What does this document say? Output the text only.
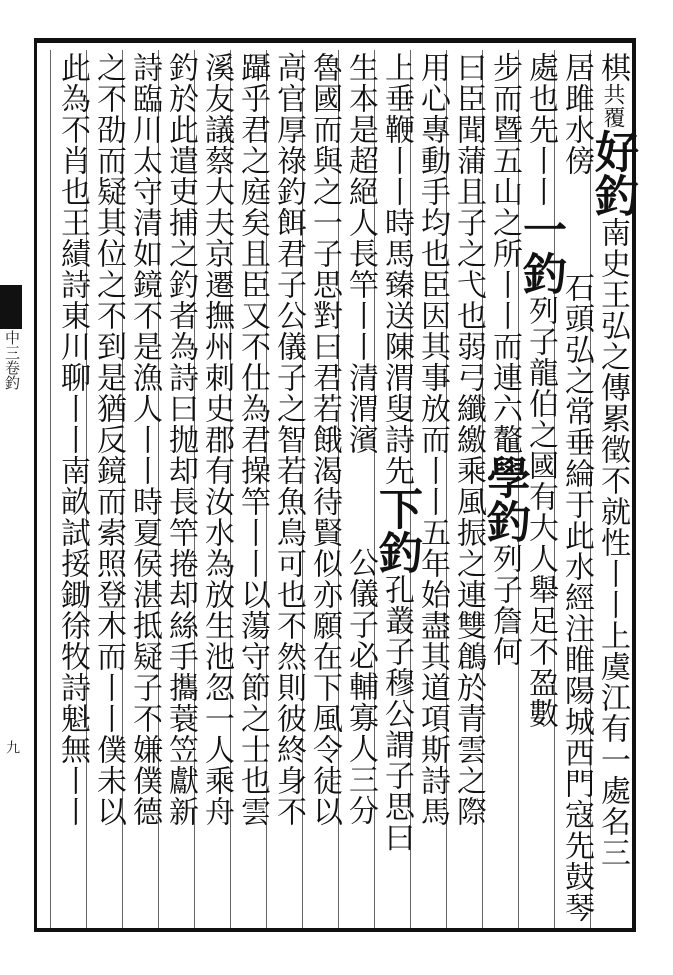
中三卷釣
九
棋共覆好釣南史王弘之傳累徵不就性丨丨上虞江有一處名三
居雎水傍石頭弘之常垂綸于此水經注睢陽城西門寇先鼓琴
處也先丨丨一釣列子龍伯之國有大人舉足不盈數
步而暨五山之所丨丨而連六鼇學釣列子詹何
曰臣聞蒲且子之弋也弱弓纖繳乘風振之連雙鶬於青雲之際
用心專動手均也臣因其事放而丨丨五年始盡其道項斯詩馬
上垂鞭丨丨時馬臻送陳渭叟詩先下釣孔叢子穆公謂子思曰
生本是超絕人長竿丨丨清渭濱公儀子必輔寡人三分
魯國而與之一子思對曰君若餓渴待賢似亦願在下風令徒以
高官厚祿釣餌君子公儀子之智若魚鳥可也不然則彼終身不
躡乎君之庭矣且臣又不仕為君操竿丨丨以蕩守節之士也雲
溪友議蔡大夫京遷撫州刺史郡有汝水為放生池忽一人乘舟
釣於此遣吏捕之釣者為詩曰抛却長竿捲却絲手攜蓑笠獻新
詩臨川太守清如鏡不是漁人丨丨時夏侯湛抵疑子不嫌僕德
之不劭而疑其位之不到是猶反鏡而索照登木而丨丨僕未以
此為不肖也王績詩東川聊丨丨南畝試挼鋤徐牧詩魁無丨丨
